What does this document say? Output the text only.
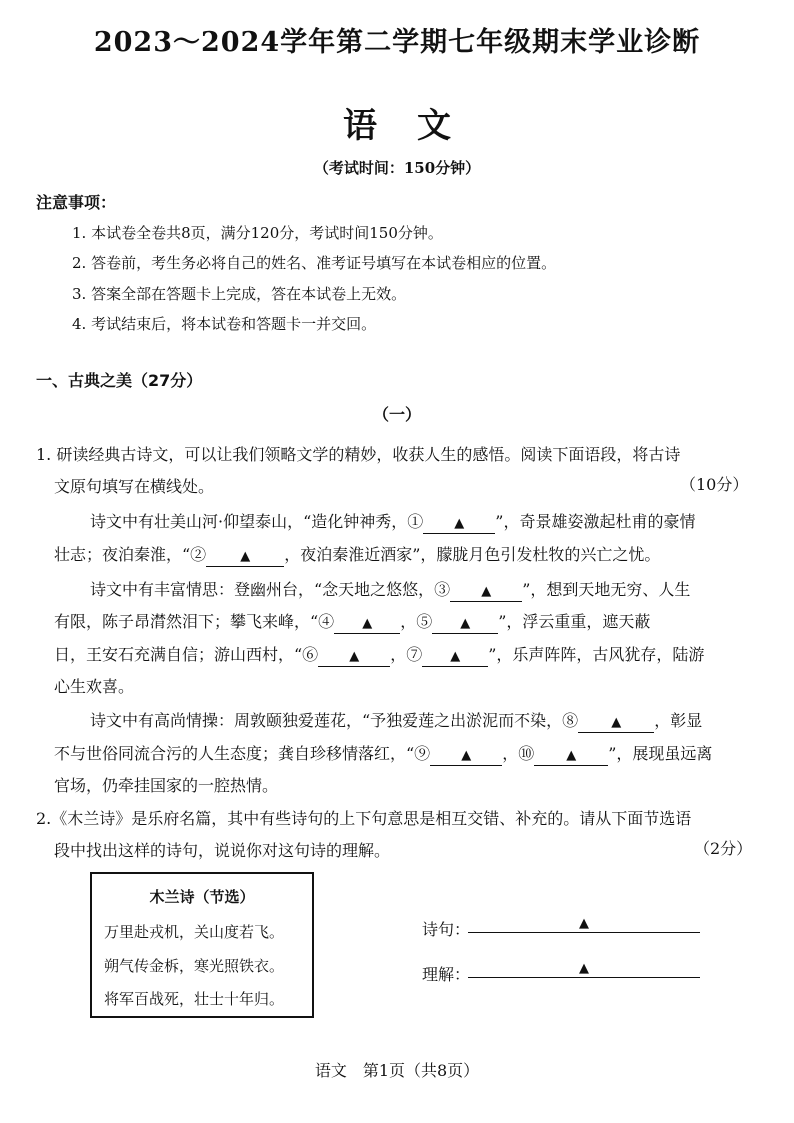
2023～2024学年第二学期七年级期末学业诊断
语文
（考试时间：150分钟）
注意事项：
1. 本试卷全卷共8页，满分120分，考试时间150分钟。
2. 答卷前，考生务必将自己的姓名、准考证号填写在本试卷相应的位置。
3. 答案全部在答题卡上完成，答在本试卷上无效。
4. 考试结束后，将本试卷和答题卡一并交回。
一、古典之美（27分）
（一）
1. 研读经典古诗文，可以让我们领略文学的精妙，收获人生的感悟。阅读下面语段，将古诗
文原句填写在横线处。	（10分）
诗文中有壮美山河·仰望泰山，“造化钟神秀，① ▲ ”，奇景雄姿激起杜甫的豪情
壮志；夜泊秦淮，“②	▲ ，夜泊秦淮近酒家”，朦胧月色引发杜牧的兴亡之忧。
诗文中有丰富情思：登幽州台，“念天地之悠悠，③ ▲ ”，想到天地无穷、人生
有限，陈子昂潸然泪下；攀飞来峰，“④ ▲ ，⑤ ▲ ”，浮云重重，遮天蔽
日，王安石充满自信；游山西村，“⑥ ▲ ，⑦ ▲ ”，乐声阵阵，古风犹存，陆游
心生欢喜。
诗文中有高尚情操：周敦颐独爱莲花，“予独爱莲之出淤泥而不染，⑧	▲ ，彰显
不与世俗同流合污的人生态度；龚自珍移情落红，“⑨ ▲ ，⑩ ▲ ”，展现虽远离
官场，仍牵挂国家的一腔热情。
2.《木兰诗》是乐府名篇，其中有些诗句的上下句意思是相互交错、补充的。请从下面节选语
段中找出这样的诗句，说说你对这句诗的理解。	（2分）
木兰诗（节选）
万里赴戎机，关山度若飞。
朔气传金柝，寒光照铁衣。
将军百战死，壮士十年归。
诗句：	▲
理解：	▲
语文　第1页（共8页）
